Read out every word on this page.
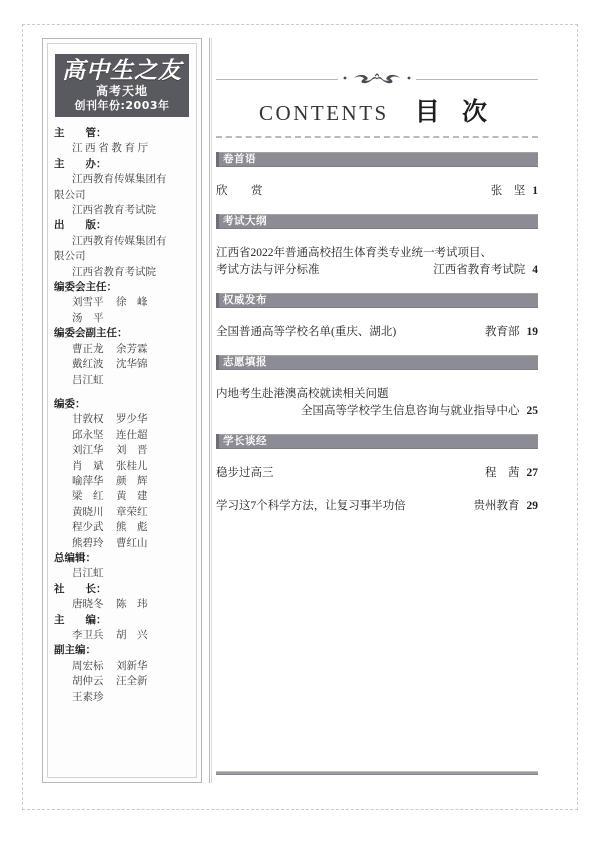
高中生之友
高考天地
创刊年份:2003年
主　　管：
江 西 省 教 育 厅
主　　办：
江西教育传媒集团有
限公司
江西省教育考试院
出　　版：
江西教育传媒集团有
限公司
江西省教育考试院
编委会主任：
刘雪平 徐　峰
汤　平
编委会副主任：
曹正龙 余芳霖
戴红波 沈华锦
吕江虹
编委：
甘敦权 罗少华
邱永坚 连仕超
刘江华 刘　晋
肖　斌 张桂儿
喻萍华 颜　辉
梁　红 黄　建
黄晓川 章荣红
程少武 熊　彪
熊碧玲 曹红山
总编辑：
吕江虹
社　　长：
唐晓冬 陈　玮
主　　编：
李卫兵 胡　兴
副主编：
周宏标 刘新华
胡仲云 汪全新
王素珍
CONTENTS 目 次
卷首语
欣　赏	张　坚 1
考试大纲
江西省2022年普通高校招生体育类专业统一考试项目、
考试方法与评分标准	江西省教育考试院 4
权威发布
全国普通高等学校名单(重庆、湖北)	教育部 19
志愿填报
内地考生赴港澳高校就读相关问题
全国高等学校学生信息咨询与就业指导中心 25
学长谈经
稳步过高三	程　茜 27
学习这7个科学方法，让复习事半功倍	贵州教育 29
